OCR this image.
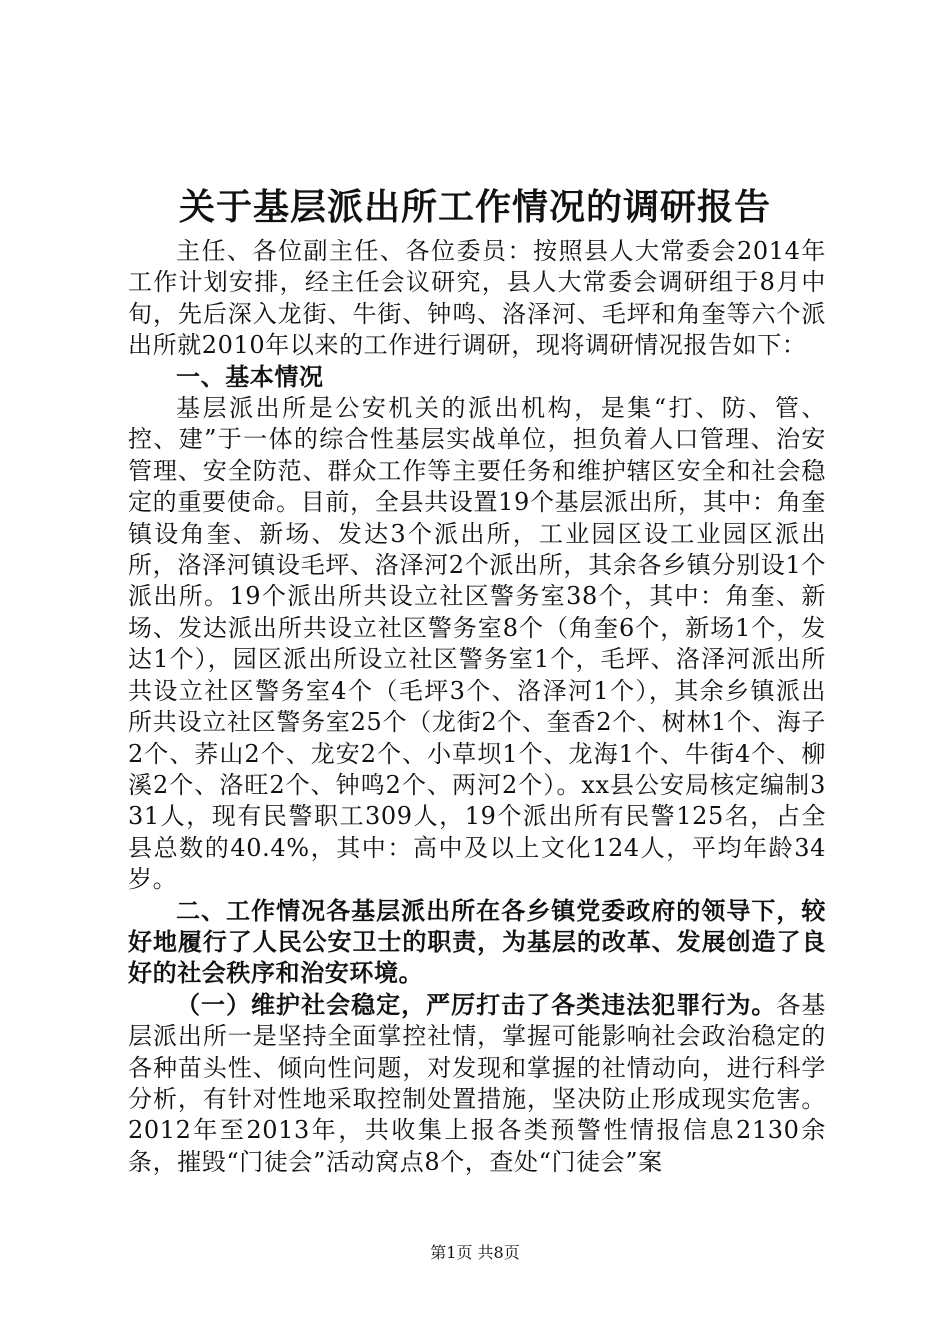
关于基层派出所工作情况的调研报告

主任、各位副主任、各位委员：按照县人大常委会2014年工作计划安排，经主任会议研究，县人大常委会调研组于8月中旬，先后深入龙街、牛街、钟鸣、洛泽河、毛坪和角奎等六个派出所就2010年以来的工作进行调研，现将调研情况报告如下：

一、基本情况

基层派出所是公安机关的派出机构，是集“打、防、管、控、建”于一体的综合性基层实战单位，担负着人口管理、治安管理、安全防范、群众工作等主要任务和维护辖区安全和社会稳定的重要使命。目前，全县共设置19个基层派出所，其中：角奎镇设角奎、新场、发达3个派出所，工业园区设工业园区派出所，洛泽河镇设毛坪、洛泽河2个派出所，其余各乡镇分别设1个派出所。19个派出所共设立社区警务室38个，其中：角奎、新场、发达派出所共设立社区警务室8个（角奎6个，新场1个，发达1个），园区派出所设立社区警务室1个，毛坪、洛泽河派出所共设立社区警务室4个（毛坪3个、洛泽河1个），其余乡镇派出所共设立社区警务室25个（龙街2个、奎香2个、树林1个、海子2个、荞山2个、龙安2个、小草坝1个、龙海1个、牛街4个、柳溪2个、洛旺2个、钟鸣2个、两河2个）。xx县公安局核定编制331人，现有民警职工309人，19个派出所有民警125名，占全县总数的40.4%，其中：高中及以上文化124人，平均年龄34岁。

二、工作情况各基层派出所在各乡镇党委政府的领导下，较好地履行了人民公安卫士的职责，为基层的改革、发展创造了良好的社会秩序和治安环境。

（一）维护社会稳定，严厉打击了各类违法犯罪行为。各基层派出所一是坚持全面掌控社情，掌握可能影响社会政治稳定的各种苗头性、倾向性问题，对发现和掌握的社情动向，进行科学分析，有针对性地采取控制处置措施，坚决防止形成现实危害。2012年至2013年，共收集上报各类预警性情报信息2130余条，摧毁“门徒会”活动窝点8个，查处“门徒会”案

第1页 共8页
